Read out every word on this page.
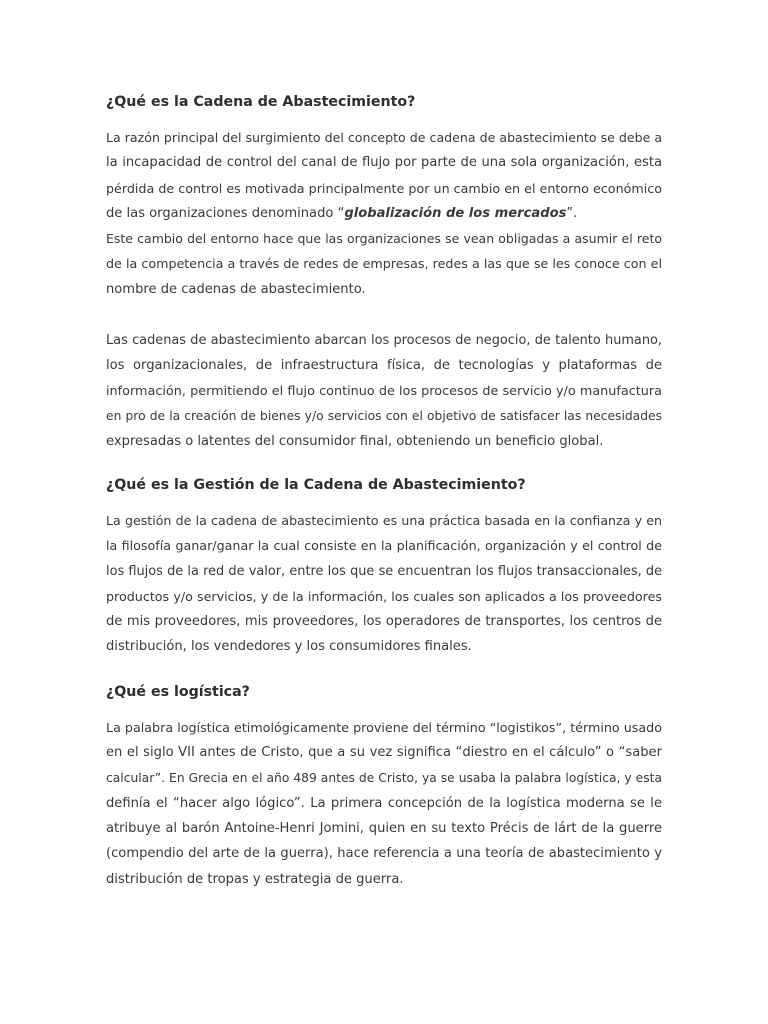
¿Qué es la Cadena de Abastecimiento?
La razón principal del surgimiento del concepto de cadena de abastecimiento se debe a
la incapacidad de control del canal de flujo por parte de una sola organización, esta
pérdida de control es motivada principalmente por un cambio en el entorno económico
de las organizaciones denominado “globalización de los mercados”.
Este cambio del entorno hace que las organizaciones se vean obligadas a asumir el reto
de la competencia a través de redes de empresas, redes a las que se les conoce con el
nombre de cadenas de abastecimiento.
Las cadenas de abastecimiento abarcan los procesos de negocio, de talento humano,
los organizacionales, de infraestructura física, de tecnologías y plataformas de
información, permitiendo el flujo continuo de los procesos de servicio y/o manufactura
en pro de la creación de bienes y/o servicios con el objetivo de satisfacer las necesidades
expresadas o latentes del consumidor final, obteniendo un beneficio global.
¿Qué es la Gestión de la Cadena de Abastecimiento?
La gestión de la cadena de abastecimiento es una práctica basada en la confianza y en
la filosofía ganar/ganar la cual consiste en la planificación, organización y el control de
los flujos de la red de valor, entre los que se encuentran los flujos transaccionales, de
productos y/o servicios, y de la información, los cuales son aplicados a los proveedores
de mis proveedores, mis proveedores, los operadores de transportes, los centros de
distribución, los vendedores y los consumidores finales.
¿Qué es logística?
La palabra logística etimológicamente proviene del término “logistikos”, término usado
en el siglo VII antes de Cristo, que a su vez significa “diestro en el cálculo” o “saber
calcular”. En Grecia en el año 489 antes de Cristo, ya se usaba la palabra logística, y esta
definía el “hacer algo lógico”. La primera concepción de la logística moderna se le
atribuye al barón Antoine-Henri Jomini, quien en su texto Précis de lárt de la guerre
(compendio del arte de la guerra), hace referencia a una teoría de abastecimiento y
distribución de tropas y estrategia de guerra.
